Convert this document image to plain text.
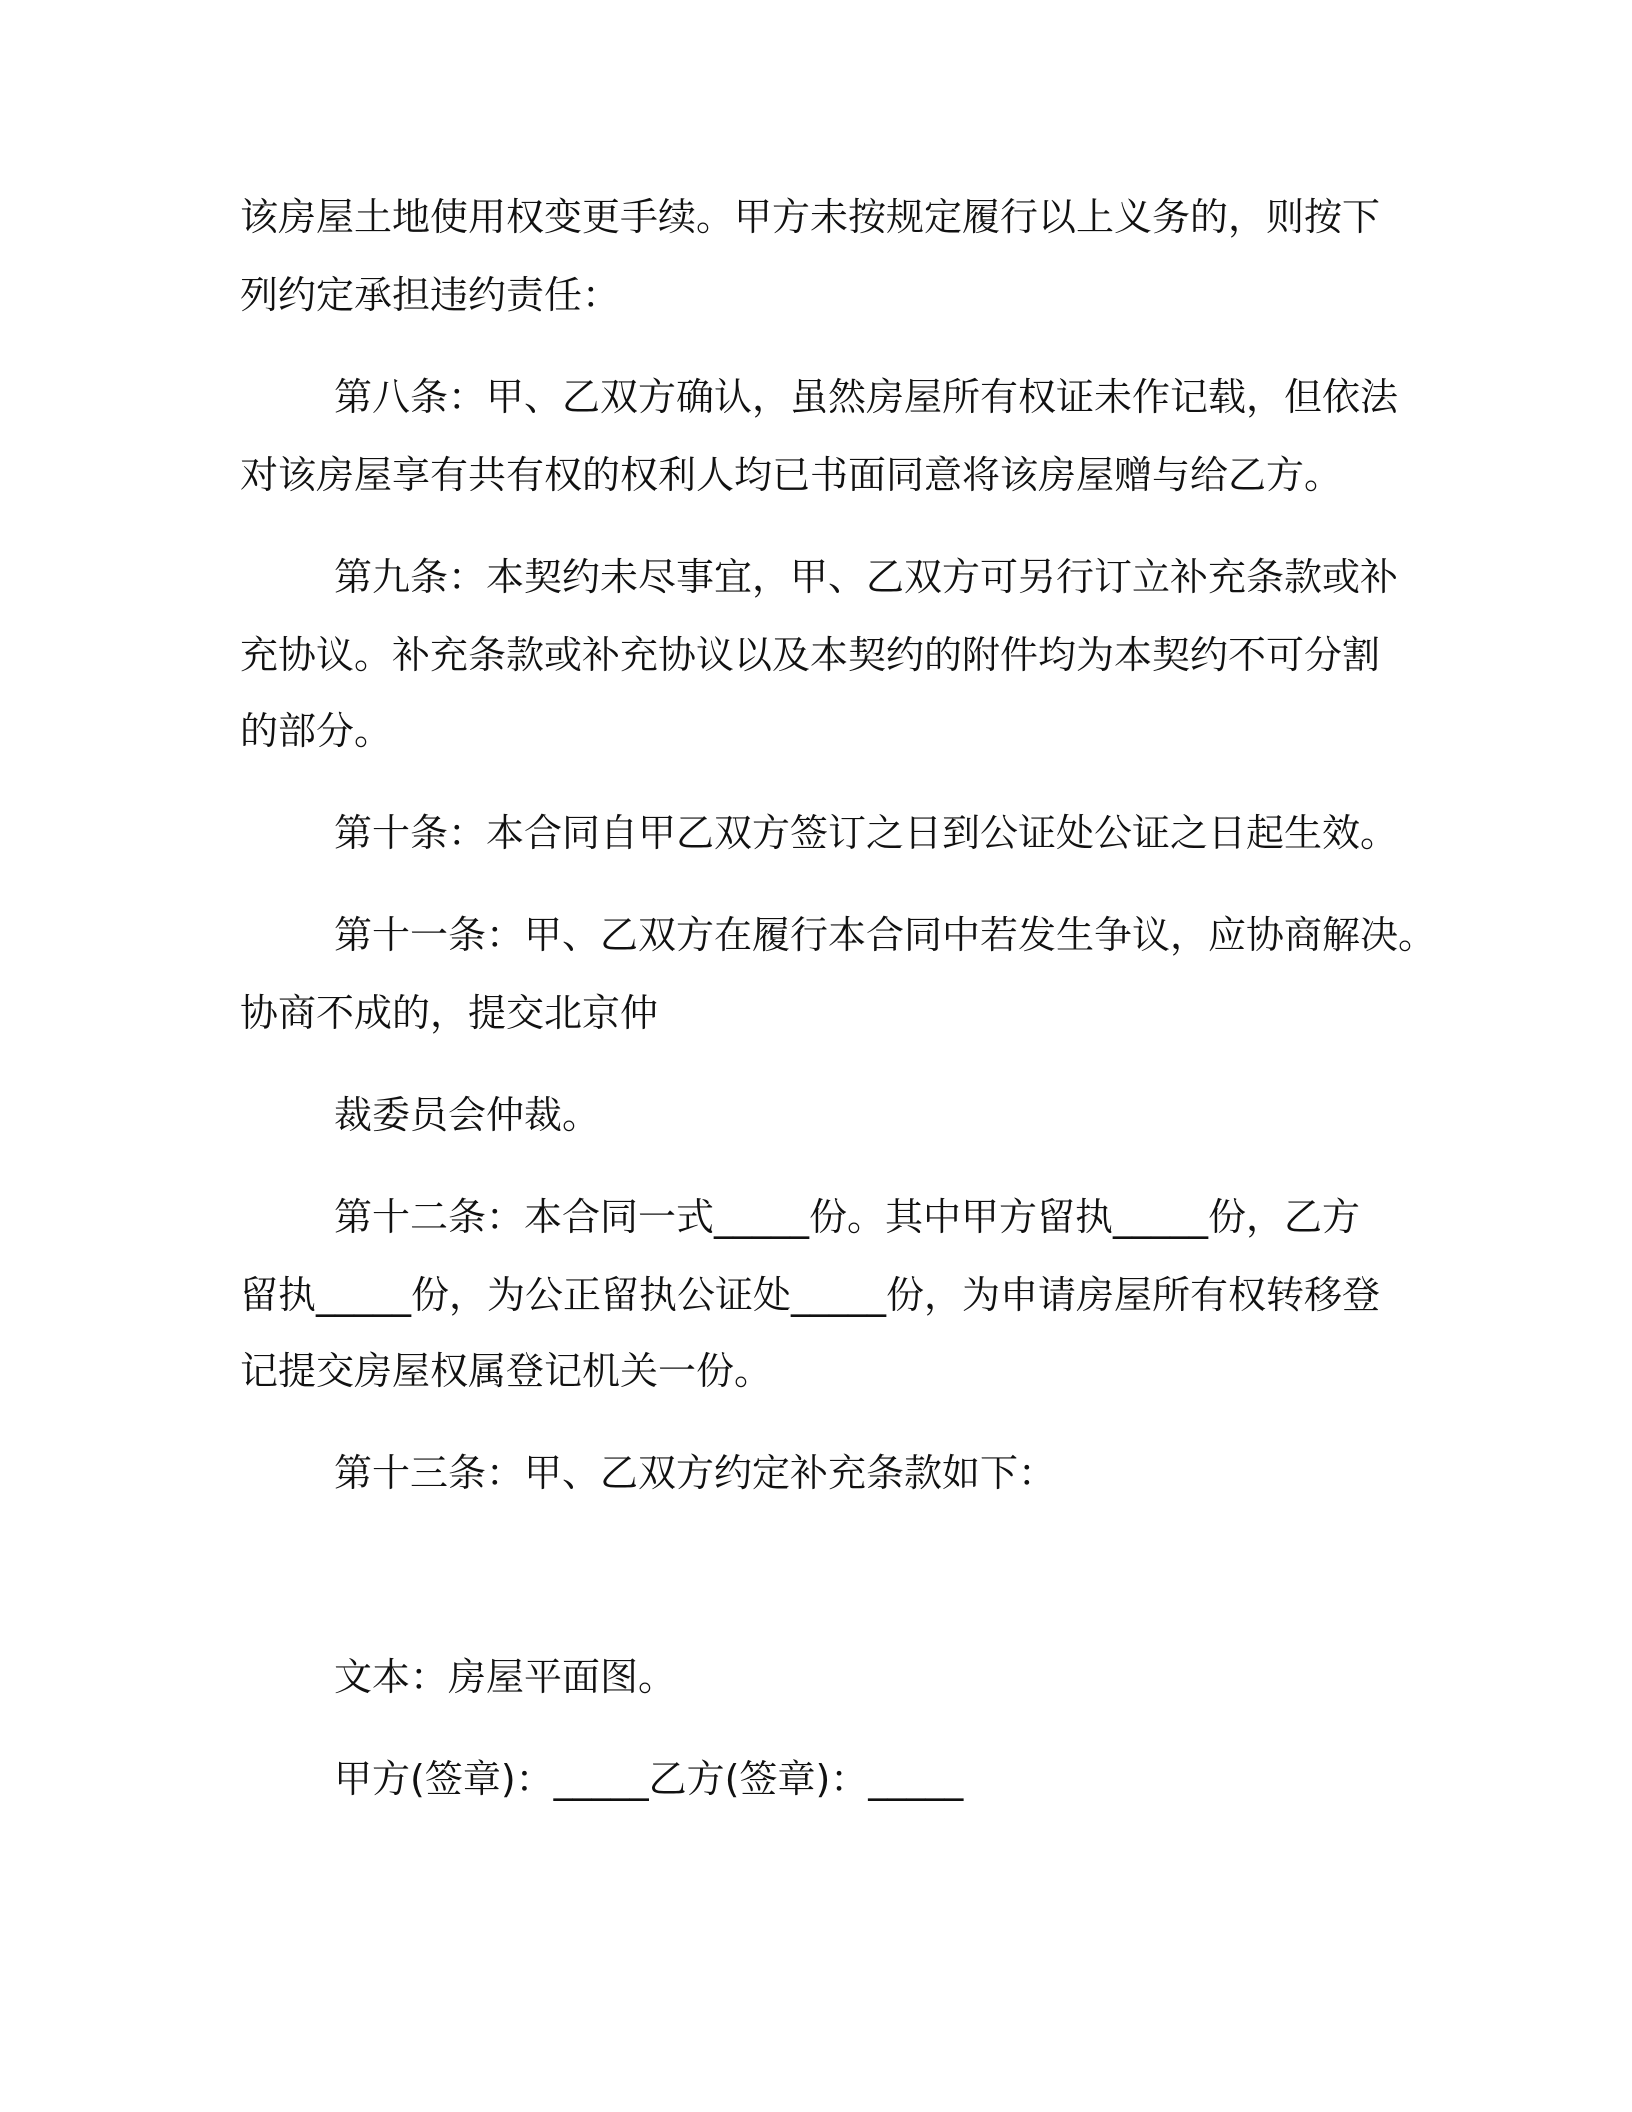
该房屋土地使用权变更手续。甲方未按规定履行以上义务的，则按下
列约定承担违约责任：
第八条：甲、乙双方确认，虽然房屋所有权证未作记载，但依法
对该房屋享有共有权的权利人均已书面同意将该房屋赠与给乙方。
第九条：本契约未尽事宜，甲、乙双方可另行订立补充条款或补
充协议。补充条款或补充协议以及本契约的附件均为本契约不可分割
的部分。
第十条：本合同自甲乙双方签订之日到公证处公证之日起生效。
第十一条：甲、乙双方在履行本合同中若发生争议，应协商解决。
协商不成的，提交北京仲
裁委员会仲裁。
第十二条：本合同一式_____份。其中甲方留执_____份，乙方
留执_____份，为公正留执公证处_____份，为申请房屋所有权转移登
记提交房屋权属登记机关一份。
第十三条：甲、乙双方约定补充条款如下：
文本：房屋平面图。
甲方(签章)：_____乙方(签章)：_____
